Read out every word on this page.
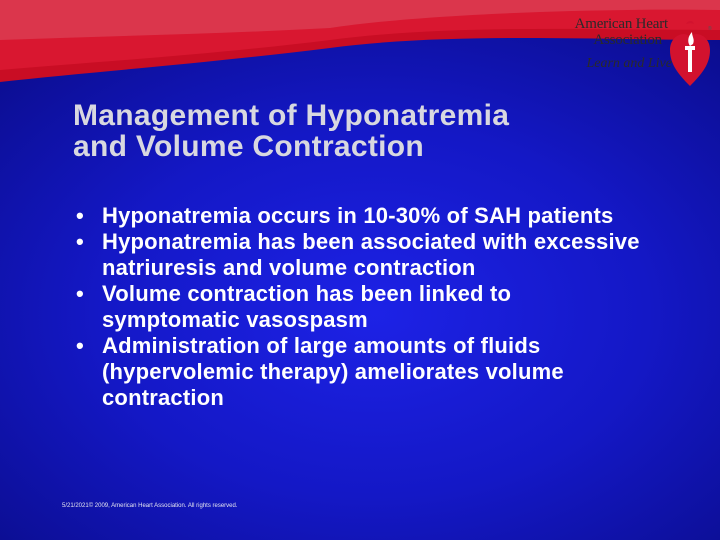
American Heart
Association
Learn and Live
®
Management of Hyponatremia
and Volume Contraction
• Hyponatremia occurs in 10-30% of SAH patients
• Hyponatremia has been associated with excessive natriuresis and volume contraction
• Volume contraction has been linked to symptomatic vasospasm
• Administration of large amounts of fluids (hypervolemic therapy) ameliorates volume contraction
5/21/2021© 2009, American Heart Association. All rights reserved.
